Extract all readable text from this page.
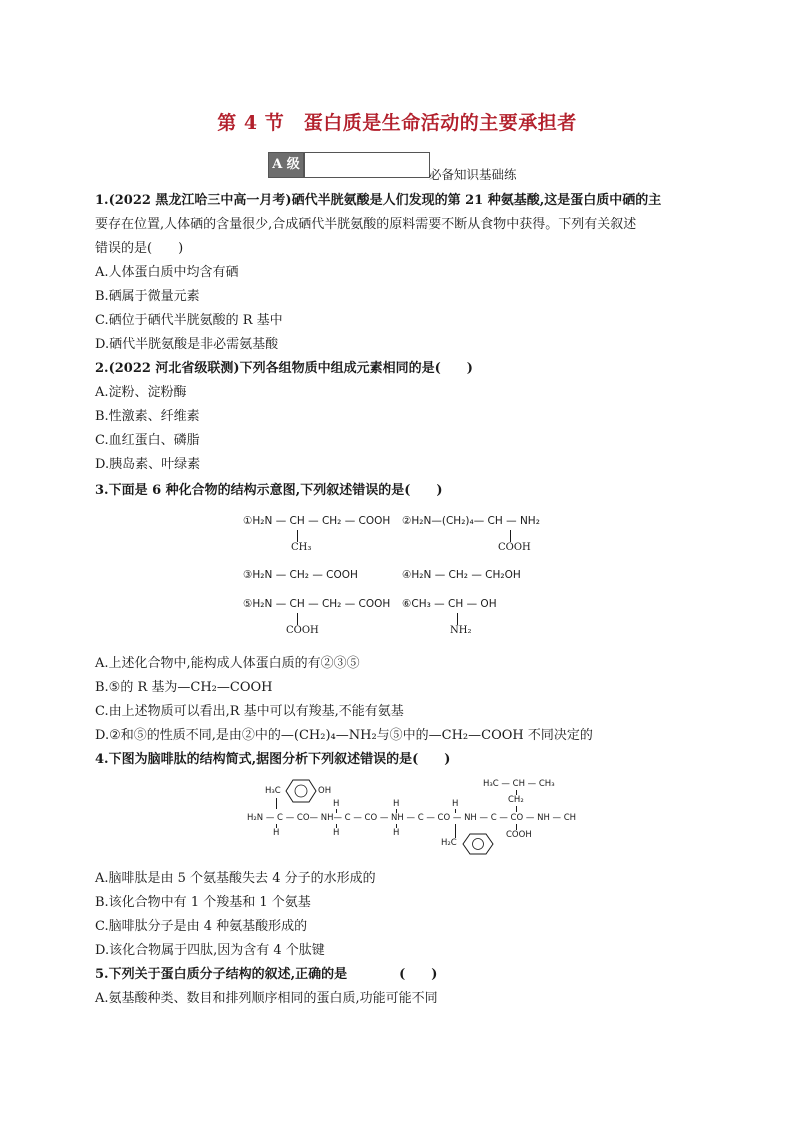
第 4 节　蛋白质是生命活动的主要承担者
A 级
必备知识基础练
1.(2022 黑龙江哈三中高一月考)硒代半胱氨酸是人们发现的第 21 种氨基酸,这是蛋白质中硒的主
要存在位置,人体硒的含量很少,合成硒代半胱氨酸的原料需要不断从食物中获得。下列有关叙述
错误的是(　　)
A.人体蛋白质中均含有硒
B.硒属于微量元素
C.硒位于硒代半胱氨酸的 R 基中
D.硒代半胱氨酸是非必需氨基酸
2.(2022 河北省级联测)下列各组物质中组成元素相同的是(　　)
A.淀粉、淀粉酶
B.性激素、纤维素
C.血红蛋白、磷脂
D.胰岛素、叶绿素
3.下面是 6 种化合物的结构示意图,下列叙述错误的是(　　)
①H₂N — CH — CH₂ — COOH
CH₃
②H₂N—(CH₂)₄— CH — NH₂
COOH
③H₂N — CH₂ — COOH	④H₂N — CH₂ — CH₂OH
⑤H₂N — CH — CH₂ — COOH
COOH
⑥CH₃ — CH — OH
NH₂
A.上述化合物中,能构成人体蛋白质的有②③⑤
B.⑤的 R 基为—CH₂—COOH
C.由上述物质可以看出,R 基中可以有羧基,不能有氨基
D.②和⑤的性质不同,是由②中的—(CH₂)₄—NH₂与⑤中的—CH₂—COOH 不同决定的
4.下图为脑啡肽的结构简式,据图分析下列叙述错误的是(　　)
OH
H₃C
H	H	H
H₃C — CH — CH₃
CH₂
H₂N — C — CO— NH— C — CO — NH — C — CO — NH — C — CO — NH — CH
H	H	H
H₂C
COOH
A.脑啡肽是由 5 个氨基酸失去 4 分子的水形成的
B.该化合物中有 1 个羧基和 1 个氨基
C.脑啡肽分子是由 4 种氨基酸形成的
D.该化合物属于四肽,因为含有 4 个肽键
5.下列关于蛋白质分子结构的叙述,正确的是　　　　(　　)
A.氨基酸种类、数目和排列顺序相同的蛋白质,功能可能不同
